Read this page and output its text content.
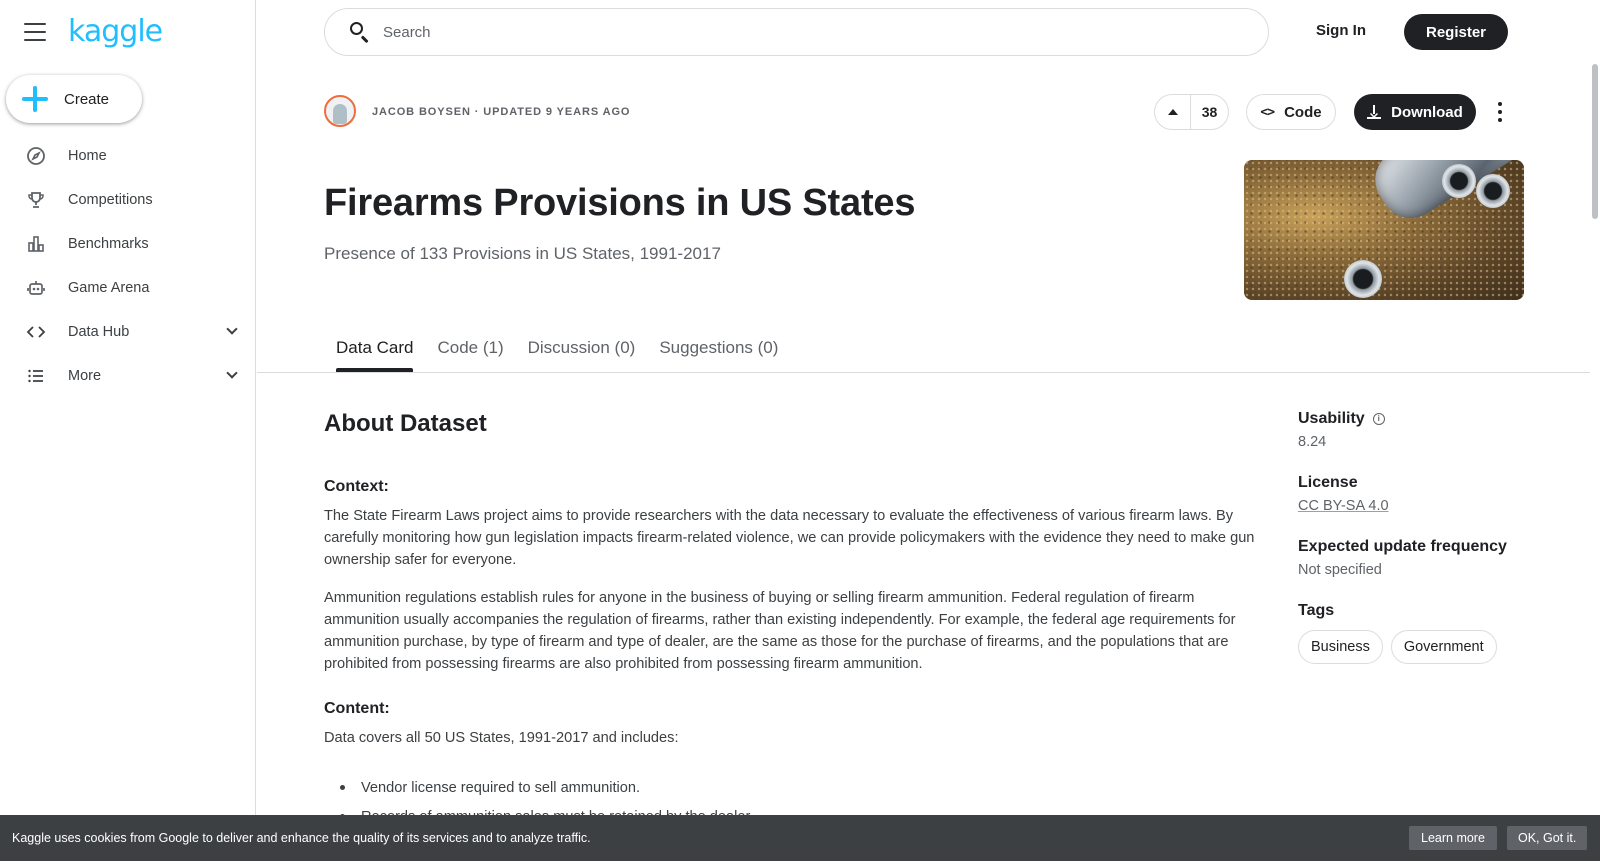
kaggle
Create
Home
Competitions
Benchmarks
Game Arena
Data Hub
More
Search
Sign In	Register
JACOB BOYSEN · UPDATED 9 YEARS AGO	38	<> Code	Download
Firearms Provisions in US States
Presence of 133 Provisions in US States, 1991-2017
Data Card Code (1) Discussion (0) Suggestions (0)
About Dataset
Context:

The State Firearm Laws project aims to provide researchers with the data necessary to evaluate the effectiveness of various firearm laws. By carefully monitoring how gun legislation impacts firearm-related violence, we can provide policymakers with the evidence they need to make gun ownership safer for everyone.

Ammunition regulations establish rules for anyone in the business of buying or selling firearm ammunition. Federal regulation of firearm ammunition usually accompanies the regulation of firearms, rather than existing independently. For example, the federal age requirements for ammunition purchase, by type of firearm and type of dealer, are the same as those for the purchase of firearms, and the populations that are prohibited from possessing firearms are also prohibited from possessing firearm ammunition.

Content:

Data covers all 50 US States, 1991-2017 and includes:

Vendor license required to sell ammunition.
Usability	i
8.24
License
CC BY-SA 4.0
Expected update frequency
Not specified
Tags
Business	Government
Kaggle uses cookies from Google to deliver and enhance the quality of its services and to analyze traffic.	Learn more	OK, Got it.
